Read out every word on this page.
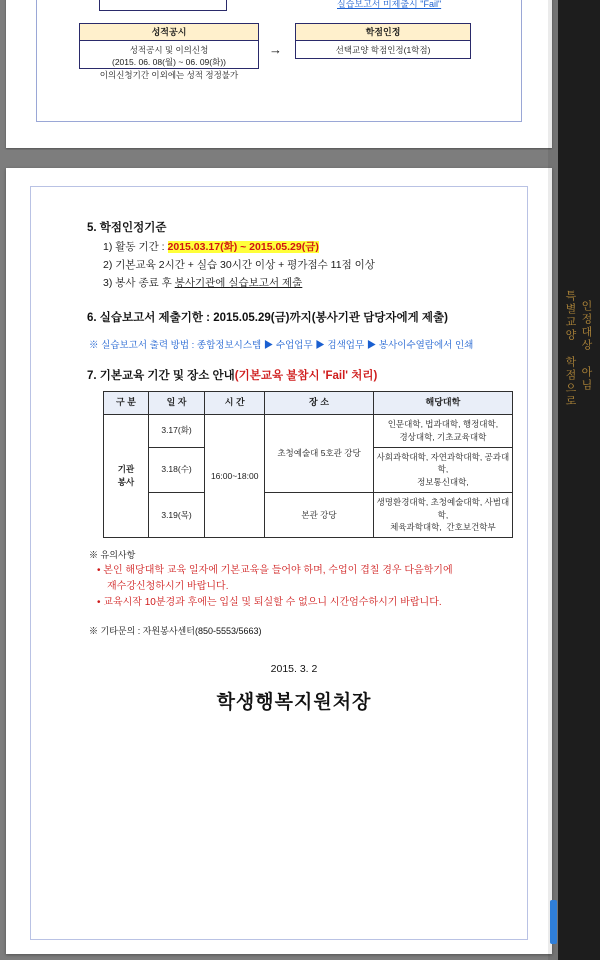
실습보고서 미제출시 "Fail"
성적공시
성적공시 및 이의신청
(2015. 06. 08(월) ~ 06. 09(화))
이의신청기간 이외에는 성적 정정불가
→
학점인정
선택교양 학점인정(1학점)
5. 학점인정기준
1) 활동 기간 : 2015.03.17(화) ~ 2015.05.29(금)
2) 기본교육 2시간 + 실습 30시간 이상 + 평가점수 11점 이상
3) 봉사 종료 후 봉사기관에 실습보고서 제출
6. 실습보고서 제출기한 : 2015.05.29(금)까지(봉사기관 담당자에게 제출)
※ 실습보고서 출력 방법 : 종합정보시스템 ▶ 수업업무 ▶ 검색업무 ▶ 봉사이수열람에서 인쇄
7. 기본교육 기간 및 장소 안내(기본교육 불참시 'Fail' 처리)
구 분	일 자	시 간	장 소	해당대학
기관
봉사	3.17(화)	16:00~18:00	초청예술대 5호관 강당	인문대학, 법과대학, 행정대학,
경상대학, 기초교육대학
	3.18(수)			사회과학대학, 자연과학대학, 공과대학,
정보통신대학,
	3.19(목)		본관 강당	생명환경대학, 초청예술대학, 사범대학,
체육과학대학,  간호보건학부
※ 유의사항
• 본인 해당대학 교육 일자에 기본교육을 들어야 하며, 수업이 겹칠 경우 다음학기에
재수강신청하시기 바랍니다.
• 교육시작 10분경과 후에는 입실 및 퇴실할 수 없으니 시간엄수하시기 바랍니다.
※ 기타문의 : 자원봉사센터(850-5553/5663)
2015. 3. 2
학생행복지원처장
특별교양 학점으로 인정대상 아님
